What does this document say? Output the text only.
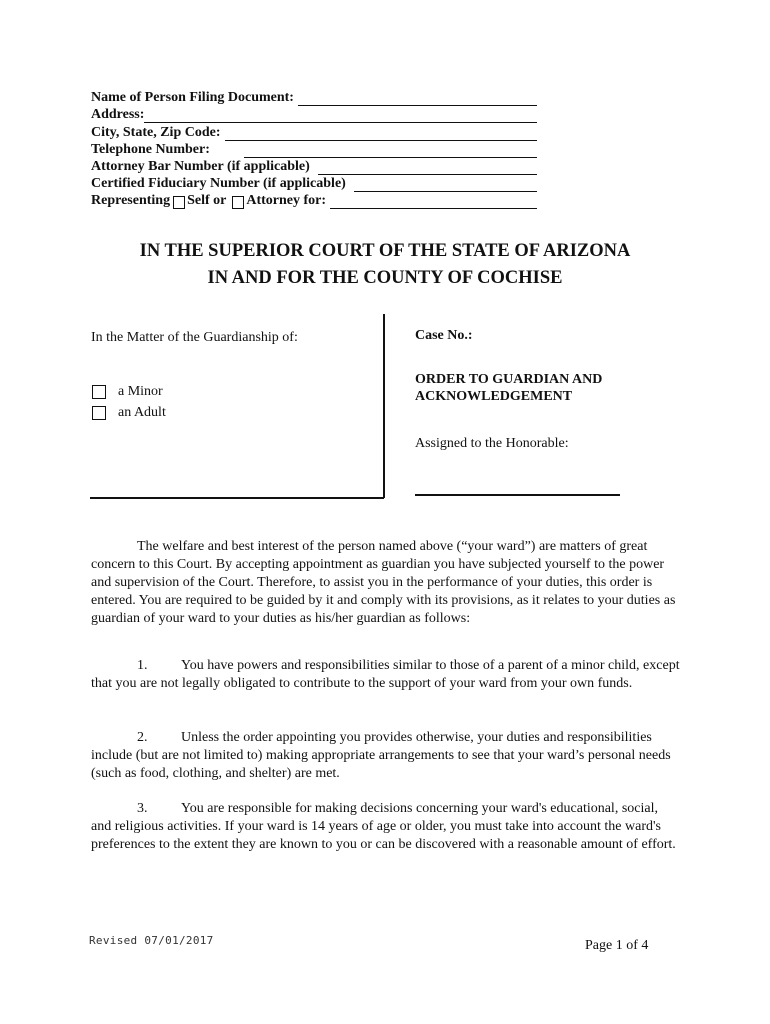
Name of Person Filing Document:
Address:
City, State, Zip Code:
Telephone Number:
Attorney Bar Number (if applicable)
Certified Fiduciary Number (if applicable)
Representing Self or Attorney for:
IN THE SUPERIOR COURT OF THE STATE OF ARIZONA
IN AND FOR THE COUNTY OF COCHISE
In the Matter of the Guardianship of:
a Minor
an Adult
Case No.:
ORDER TO GUARDIAN AND
ACKNOWLEDGEMENT
Assigned to the Honorable:
The welfare and best interest of the person named above (“your ward”) are matters of great concern to this Court. By accepting appointment as guardian you have subjected yourself to the power and supervision of the Court. Therefore, to assist you in the performance of your duties, this order is entered. You are required to be guided by it and comply with its provisions, as it relates to your duties as guardian of your ward to your duties as his/her guardian as follows:
1. You have powers and responsibilities similar to those of a parent of a minor child, except that you are not legally obligated to contribute to the support of your ward from your own funds.
2. Unless the order appointing you provides otherwise, your duties and responsibilities include (but are not limited to) making appropriate arrangements to see that your ward’s personal needs (such as food, clothing, and shelter) are met.
3. You are responsible for making decisions concerning your ward's educational, social, and religious activities. If your ward is 14 years of age or older, you must take into account the ward's preferences to the extent they are known to you or can be discovered with a reasonable amount of effort.
Revised 07/01/2017	Page 1 of 4
